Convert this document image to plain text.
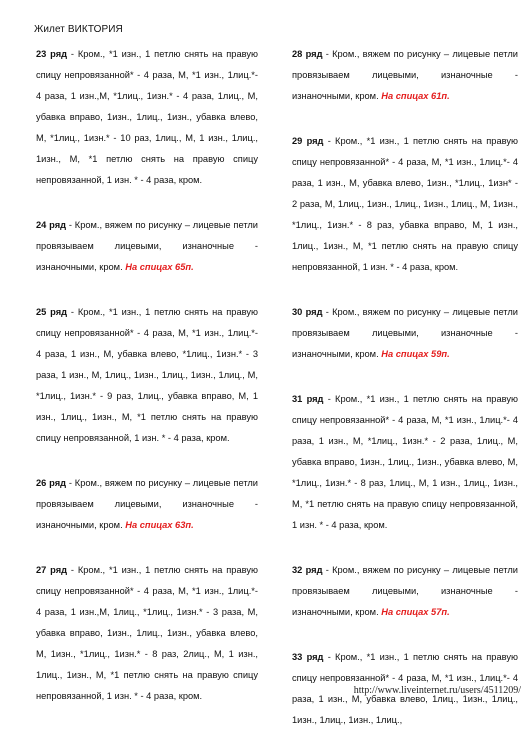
Жилет ВИКТОРИЯ

23 ряд - Кром., *1 изн., 1 петлю снять на правую спицу непровязанной* - 4 раза, М, *1 изн., 1лиц.*- 4 раза, 1 изн.,М, *1лиц., 1изн.* - 4 раза, 1лиц., М, убавка вправо, 1изн., 1лиц., 1изн., убавка влево, М, *1лиц., 1изн.* - 10 раз, 1лиц., М, 1 изн., 1лиц., 1изн., М, *1 петлю снять на правую спицу непровязанной, 1 изн. * - 4 раза, кром.

24 ряд - Кром., вяжем по рисунку – лицевые петли провязываем лицевыми, изнаночные - изнаночными, кром. На спицах 65п.

25 ряд - Кром., *1 изн., 1 петлю снять на правую спицу непровязанной* - 4 раза, М, *1 изн., 1лиц.*- 4 раза, 1 изн., М, убавка влево, *1лиц., 1изн.* - 3 раза, 1 изн., М, 1лиц., 1изн., 1лиц., 1изн., 1лиц., М, *1лиц., 1изн.* - 9 раз, 1лиц., убавка вправо, М, 1 изн., 1лиц., 1изн., М, *1 петлю снять на правую спицу непровязанной, 1 изн. * - 4 раза, кром.

26 ряд - Кром., вяжем по рисунку – лицевые петли провязываем лицевыми, изнаночные - изнаночными, кром. На спицах 63п.

27 ряд - Кром., *1 изн., 1 петлю снять на правую спицу непровязанной* - 4 раза, М, *1 изн., 1лиц.*- 4 раза, 1 изн.,М, 1лиц., *1лиц., 1изн.* - 3 раза, М, убавка вправо, 1изн., 1лиц., 1изн., убавка влево, М, 1изн., *1лиц., 1изн.* - 8 раз, 2лиц., М, 1 изн., 1лиц., 1изн., М, *1 петлю снять на правую спицу непровязанной, 1 изн. * - 4 раза, кром.

28 ряд - Кром., вяжем по рисунку – лицевые петли провязываем лицевыми, изнаночные - изнаночными, кром. На спицах 61п.

29 ряд - Кром., *1 изн., 1 петлю снять на правую спицу непровязанной* - 4 раза, М, *1 изн., 1лиц.*- 4 раза, 1 изн., М, убавка влево, 1изн., *1лиц., 1изн* - 2 раза, М, 1лиц., 1изн., 1лиц., 1изн., 1лиц., М, 1изн., *1лиц., 1изн.* - 8 раз, убавка вправо, М, 1 изн., 1лиц., 1изн., М, *1 петлю снять на правую спицу непровязанной, 1 изн. * - 4 раза, кром.

30 ряд - Кром., вяжем по рисунку – лицевые петли провязываем лицевыми, изнаночные - изнаночными, кром. На спицах 59п.

31 ряд - Кром., *1 изн., 1 петлю снять на правую спицу непровязанной* - 4 раза, М, *1 изн., 1лиц.*- 4 раза, 1 изн., М, *1лиц., 1изн.* - 2 раза, 1лиц., М, убавка вправо, 1изн., 1лиц., 1изн., убавка влево, М, *1лиц., 1изн.* - 8 раз, 1лиц., М, 1 изн., 1лиц., 1изн., М, *1 петлю снять на правую спицу непровязанной, 1 изн. * - 4 раза, кром.

32 ряд - Кром., вяжем по рисунку – лицевые петли провязываем лицевыми, изнаночные - изнаночными, кром. На спицах 57п.

33 ряд - Кром., *1 изн., 1 петлю снять на правую спицу непровязанной* - 4 раза, М, *1 изн., 1лиц.*- 4 раза, 1 изн., М, убавка влево, 1лиц., 1изн., 1лиц., 1изн., 1лиц., 1изн., 1лиц.,

http://www.liveinternet.ru/users/4511209/
